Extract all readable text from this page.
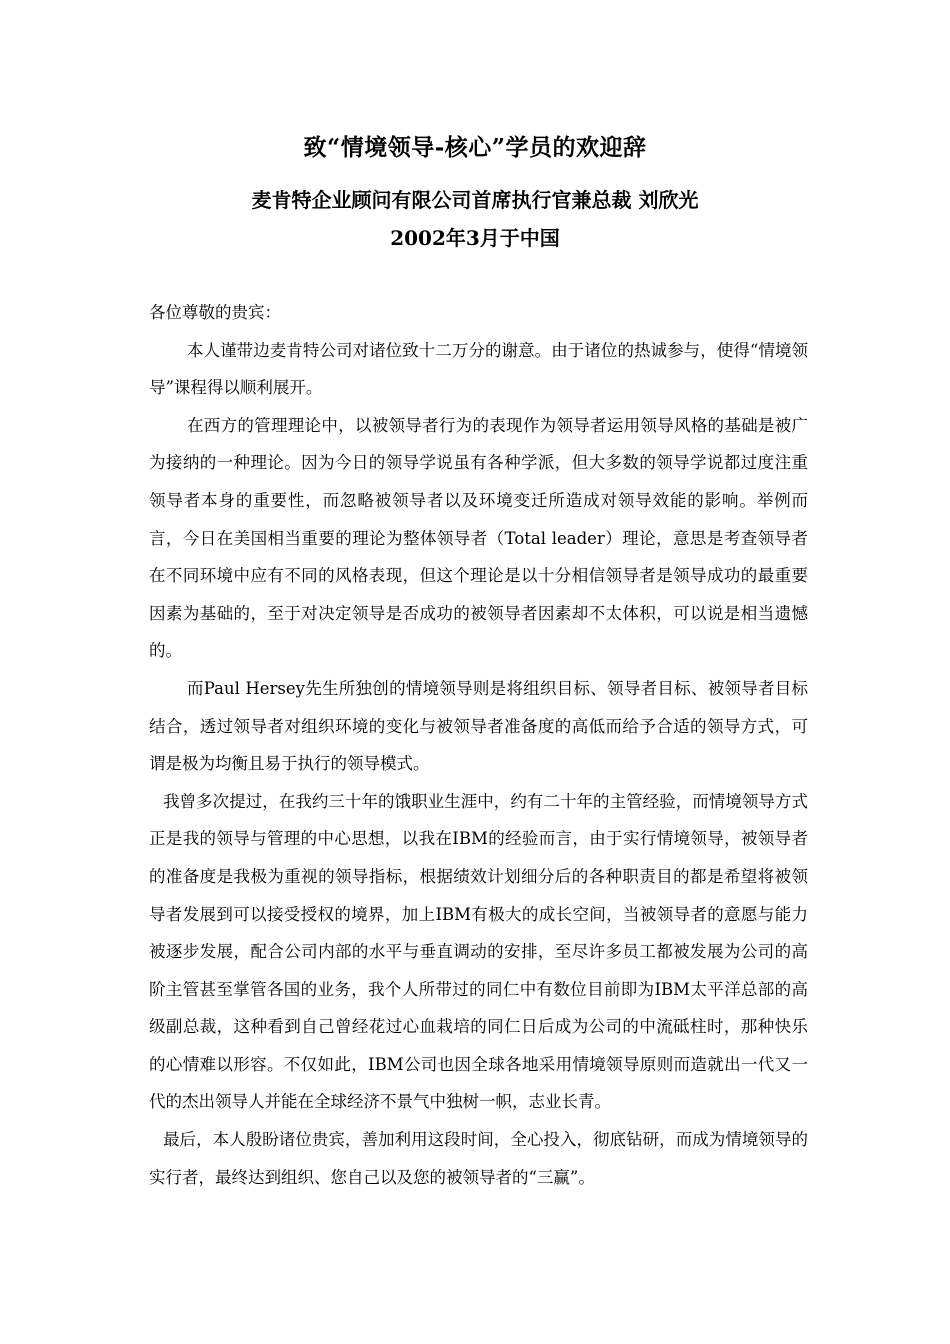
致“情境领导-核心”学员的欢迎辞
麦肯特企业顾问有限公司首席执行官兼总裁 刘欣光
2002年3月于中国

各位尊敬的贵宾：

本人谨带边麦肯特公司对诸位致十二万分的谢意。由于诸位的热诚参与，使得“情境领导”课程得以顺利展开。

在西方的管理理论中，以被领导者行为的表现作为领导者运用领导风格的基础是被广为接纳的一种理论。因为今日的领导学说虽有各种学派，但大多数的领导学说都过度注重领导者本身的重要性，而忽略被领导者以及环境变迁所造成对领导效能的影响。举例而言，今日在美国相当重要的理论为整体领导者（Total leader）理论，意思是考查领导者在不同环境中应有不同的风格表现，但这个理论是以十分相信领导者是领导成功的最重要因素为基础的，至于对决定领导是否成功的被领导者因素却不太体积，可以说是相当遗憾的。

而Paul Hersey先生所独创的情境领导则是将组织目标、领导者目标、被领导者目标结合，透过领导者对组织环境的变化与被领导者准备度的高低而给予合适的领导方式，可谓是极为均衡且易于执行的领导模式。

我曾多次提过，在我约三十年的饿职业生涯中，约有二十年的主管经验，而情境领导方式正是我的领导与管理的中心思想，以我在IBM的经验而言，由于实行情境领导，被领导者的准备度是我极为重视的领导指标，根据绩效计划细分后的各种职责目的都是希望将被领导者发展到可以接受授权的境界，加上IBM有极大的成长空间，当被领导者的意愿与能力被逐步发展，配合公司内部的水平与垂直调动的安排，至尽许多员工都被发展为公司的高阶主管甚至掌管各国的业务，我个人所带过的同仁中有数位目前即为IBM太平洋总部的高级副总裁，这种看到自己曾经花过心血栽培的同仁日后成为公司的中流砥柱时，那种快乐的心情难以形容。不仅如此，IBM公司也因全球各地采用情境领导原则而造就出一代又一代的杰出领导人并能在全球经济不景气中独树一帜，志业长青。

最后，本人殷盼诸位贵宾，善加利用这段时间，全心投入，彻底钻研，而成为情境领导的实行者，最终达到组织、您自己以及您的被领导者的“三赢”。
